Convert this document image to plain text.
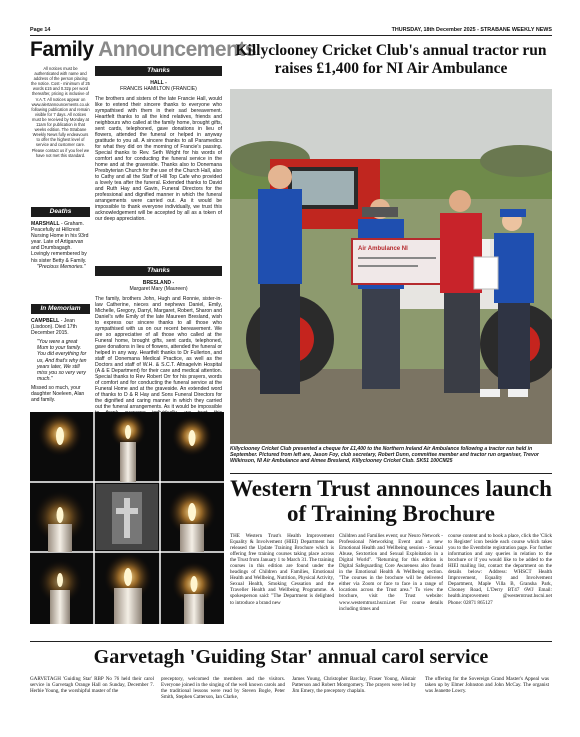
Page 14	THURSDAY, 18th December 2025 - STRABANE WEEKLY NEWS
Family Announcements
All notices must be authenticated with name and address of the person placing the notice. Cost - minimum of 25 words £15 and 0.32p per word thereafter, pricing is inclusive of V.A.T. All notices appear on www.alertannouncements.co.uk following publication and remain visible for 7 days. All notices must be received by Monday at 11am for publication in that weeks edition. The Strabane Weekly News fully endeavours to offer the highest level of service and customer care. Please contact us if you feel we have not met this standard.
Deaths
MARSHALL - Graham. Peacefully at Hillcrest Nursing Home in his 93rd year. Late of Artigarvan and Drumbagagh. Lovingly remembered by his sister Betty & Family.
"Precious Memories."
In Memoriam
CAMPBELL - Jean (Lisdoon). Died 17th December 2015.
"You were a great Mum to your family. You did everything for us, And that's why ten years later, We still miss you so very very much."
Missed so much, your daughter Noeleen, Alan and family.
Thanks
HALL -
FRANCIS HAMILTON (FRANCIE)
The brothers and sisters of the late Francie Hall, would like to extend their sincere thanks to everyone who sympathised with them in their sad bereavement. Heartfelt thanks to all the kind relatives, friends and neighbours who called at the family home, brought gifts, sent cards, telephoned, gave donations in lieu of flowers, attended the funeral or helped in anyway gratitude to you all. A sincere thanks to all Paramedics for what they did on the morning of Francie's passing. Special thanks to Rev. Seth Wright for his words of comfort and for conducting the funeral service in the home and at the graveside. Thanks also to Donemana Presbyterian Church for the use of the Church Hall, also to Cathy and all the Staff of Hill Top Cafe who provided a lovely tea after the funeral. Extended thanks to David and Ruth Hay and Gavin, Funeral Directors for the professional and dignified manner in which the funeral arrangements were carried out. As it would be impossible to thank everyone individually, we trust this acknowledgement will be accepted by all as a token of our deep appreciation.
Thanks
BRESLAND -
Margaret Mary (Maureen)
The family, brothers John, Hugh and Ronnie, sister-in-law Catherine, nieces and nephews Daniel, Emily, Michelle, Gregory, Darryl, Margaret, Robert, Sharon and Daniel's wife Emily of the late Maureen Bresland, wish to express our sincere thanks to all those who sympathised with us on our recent bereavement. We are so appreciative of all those who called at the Funeral home, brought gifts, sent cards, telephoned, gave donations in lieu of flowers, attended the funeral or helped in any way. Heartfelt thanks to Dr Fullerton, and staff of Donemana Medical Practice, as well as the Doctors and staff of W.H. & S.C.T. Altnagelvin Hospital (A & E Department) for their care and medical attention. Special thanks to Rev Robert Orr for his prayers, words of comfort and for conducting the funeral service at the Funeral Home and at the graveside. An extended word of thanks to D & R Hay and Sons Funeral Directors for the dignified and caring manner in which they carried out the funeral arrangements. As it would be impossible
Killyclooney Cricket Club's annual tractor run raises £1,400 for NI Air Ambulance
Air Ambulance NI
Killyclooney Cricket Club presented a cheque for £1,400 to the Northern Ireland Air Ambulance following a tractor run held in September. Pictured from left are, Jason Foy, club secretary, Robert Dunn, committee member and tractor run organiser, Trevor Wilkinson, NI Air Ambulance and Aimee Bresland, Killyclooney Cricket Club. SK51 100CM25
Western Trust announces launch of Training Brochure
THE Western Trust's Health Improvement Equality & Involvement (HIEI) Department has released the Update Training Brochure which is offering free training courses taking place across the Trust from January 1 to March 31. The training courses in this edition are found under the headings of Children and Families, Emotional Health and Wellbeing, Nutrition, Physical Activity, Sexual Health, Smoking Cessation and the Traveller Health and Wellbeing Programme. A spokesperson said: "The Department is delighted to introduce a brand new
Children and Families event; our Neuro Network - Professional Networking Event and a new Emotional Health and Wellbeing session - Sexual Abuse, Sextortion and Sexual Exploitation in a Digital World". "Returning for this edition is Digital Safeguarding Core Awareness also found in the Emotional Health & Wellbeing section. "The courses in the brochure will be delivered either via Zoom or face to face in a range of locations across the Trust area." To view the brochure, visit the Trust website: www.westerntrust.hscni.net For course details including times and
course content and to book a place, click the 'Click to Register' icon beside each course which takes you to the Eventbrite registration page. For further information and any queries in relation to the brochure or if you would like to be added to the HIEI mailing list, contact the department on the details below: Address: WHSCT Health Improvement, Equality and Involvement Department, Maple Villa B, Gransha Park, Clooney Road, L'Derry BT47 6WJ Email: health.improvement @westerntrust.hscni.net Phone: 02871 865127
Garvetagh 'Guiding Star' annual carol service
GARVETAGH 'Guiding Star' RBP No 76 held their carol service in Garvetagh Orange Hall on Sunday, December 7. Herbie Young, the worshipful master of the
preceptory, welcomed the members and the visitors. Everyone joined in the singing of the well known carols and the traditional lessons were read by Steven Bogle, Peter Smith, Stephen Catterson, Ian Clarke,
James Young, Christopher Barclay, Fraser Young, Alistair Patterson and Robert Montgomery. The prayers were led by Jim Emery, the preceptory chaplain.
The offering for the Sovereign Grand Master's Appeal was taken up by Elmer Johnston and John McCay. The organist was Jeanette Lowry.
